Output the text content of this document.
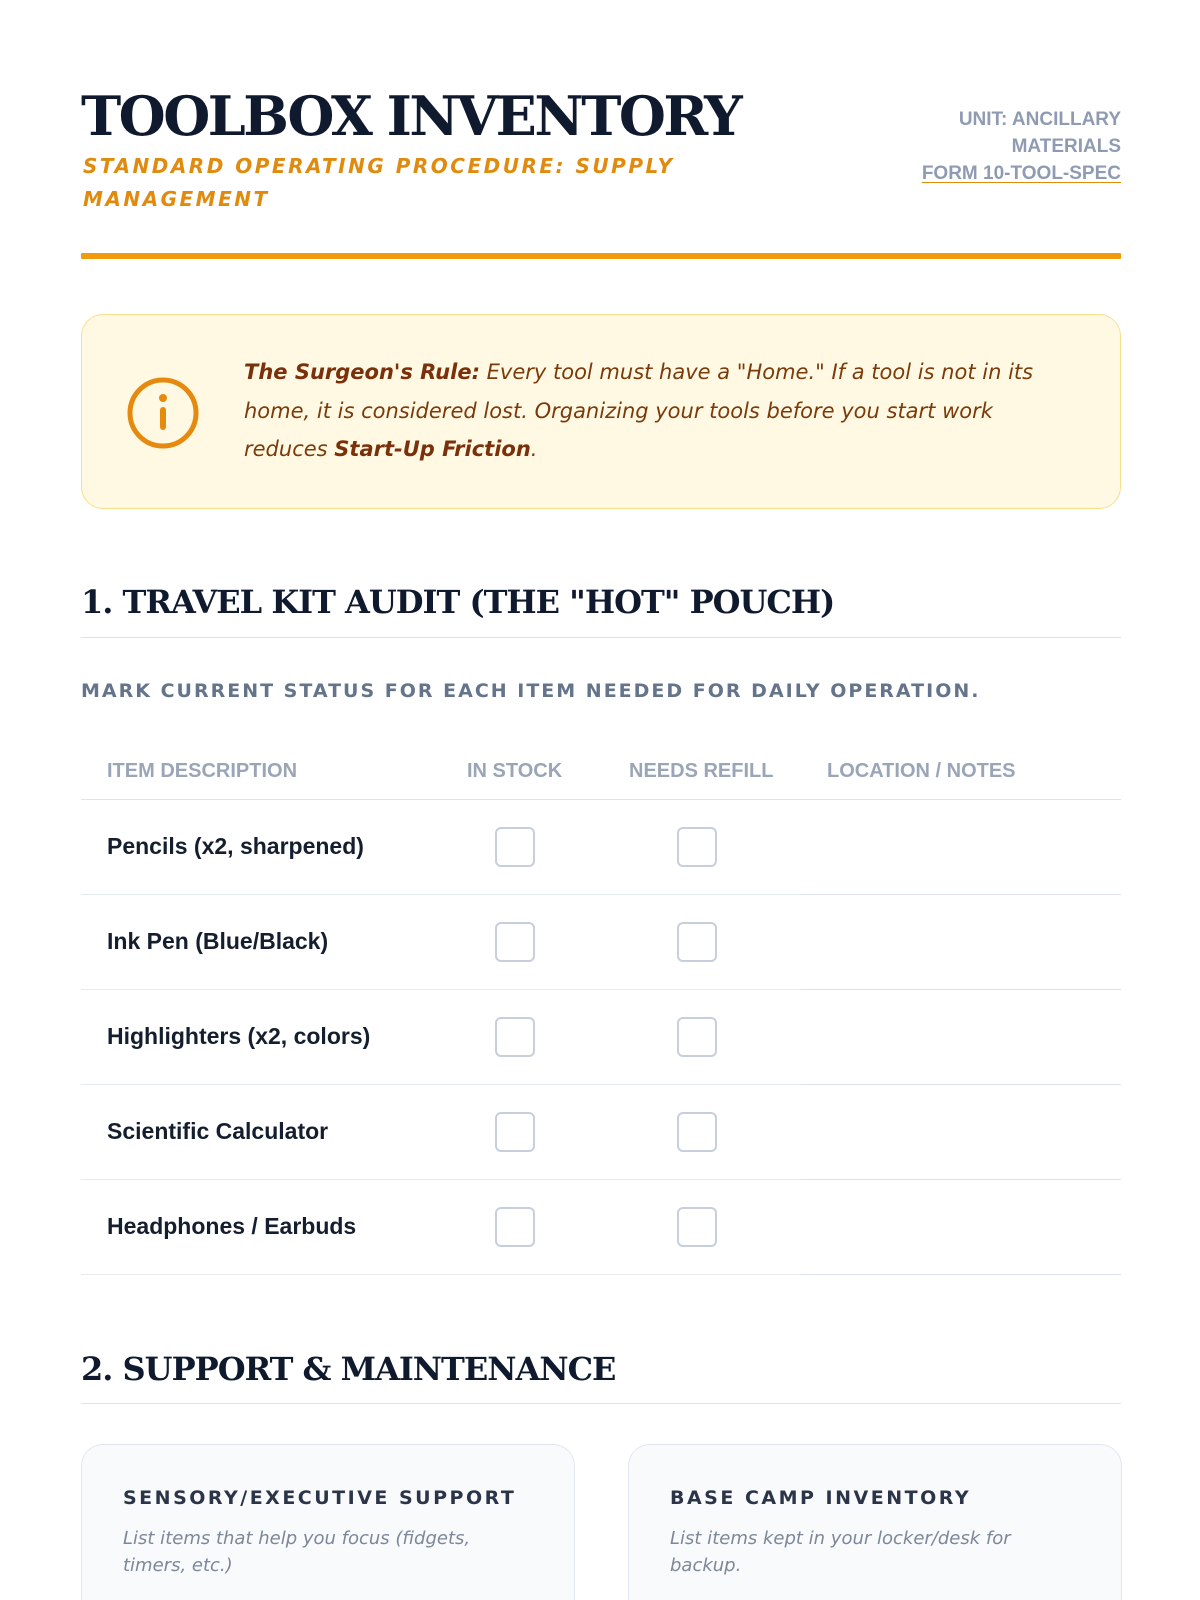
TOOLBOX INVENTORY
STANDARD OPERATING PROCEDURE: SUPPLY MANAGEMENT
UNIT: ANCILLARY
MATERIALS
FORM 10-TOOL-SPEC
The Surgeon's Rule: Every tool must have a "Home." If a tool is not in its home, it is considered lost. Organizing your tools before you start work reduces Start-Up Friction.
1. TRAVEL KIT AUDIT (THE "HOT" POUCH)
MARK CURRENT STATUS FOR EACH ITEM NEEDED FOR DAILY OPERATION.
ITEM DESCRIPTION	IN STOCK	NEEDS REFILL	LOCATION / NOTES
Pencils (x2, sharpened)
Ink Pen (Blue/Black)
Highlighters (x2, colors)
Scientific Calculator
Headphones / Earbuds
2. SUPPORT & MAINTENANCE
SENSORY/EXECUTIVE SUPPORT
List items that help you focus (fidgets, timers, etc.)
BASE CAMP INVENTORY
List items kept in your locker/desk for backup.
